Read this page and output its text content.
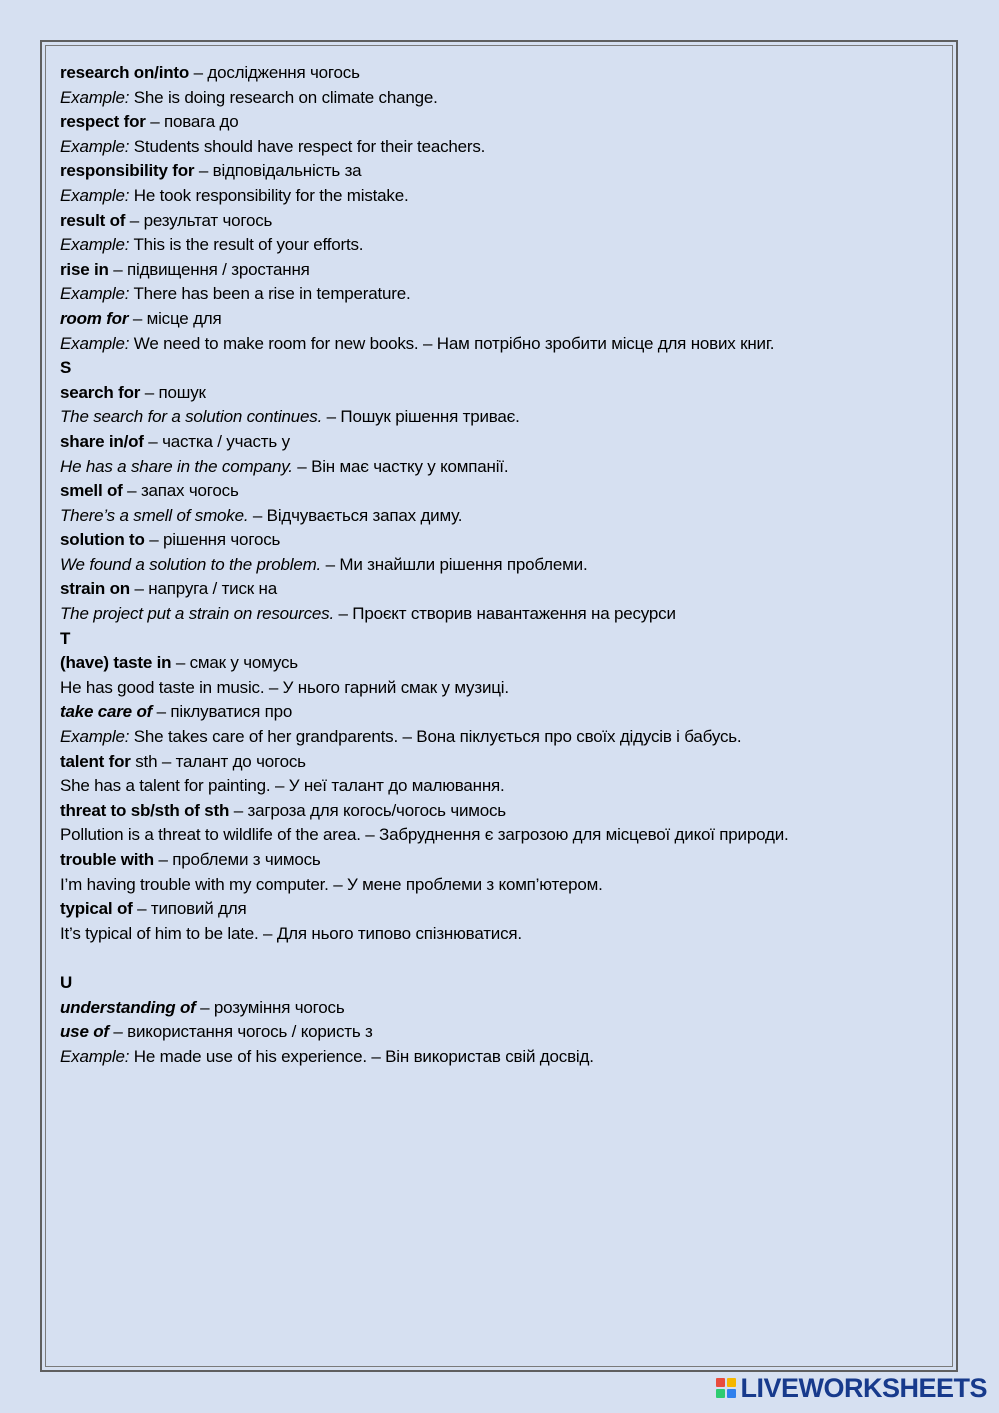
research on/into – дослідження чогось
Example: She is doing research on climate change.
respect for – повага до
Example: Students should have respect for their teachers.
responsibility for – відповідальність за
Example: He took responsibility for the mistake.
result of – результат чогось
Example: This is the result of your efforts.
rise in – підвищення / зростання
Example: There has been a rise in temperature.
room for – місце для
Example: We need to make room for new books. – Нам потрібно зробити місце для нових книг.
S
search for – пошук
The search for a solution continues. – Пошук рішення триває.
share in/of – частка / участь у
He has a share in the company. – Він має частку у компанії.
smell of – запах чогось
There’s a smell of smoke. – Відчувається запах диму.
solution to – рішення чогось
We found a solution to the problem. – Ми знайшли рішення проблеми.
strain on – напруга / тиск на
The project put a strain on resources. – Проєкт створив навантаження на ресурси
T
(have) taste in – смак у чомусь
He has good taste in music. – У нього гарний смак у музиці.
take care of – піклуватися про
Example: She takes care of her grandparents. – Вона піклується про своїх дідусів і бабусь.
talent for sth – талант до чогось
She has a talent for painting. – У неї талант до малювання.
threat to sb/sth of sth – загроза для когось/чогось чимось
Pollution is a threat to wildlife of the area. – Забруднення є загрозою для місцевої дикої природи.
trouble with – проблеми з чимось
I’m having trouble with my computer. – У мене проблеми з комп’ютером.
typical of – типовий для
It’s typical of him to be late. – Для нього типово спізнюватися.
U
understanding of – розуміння чогось
use of – використання чогось / користь з
Example: He made use of his experience. – Він використав свій досвід.
LIVEWORKSHEETS
